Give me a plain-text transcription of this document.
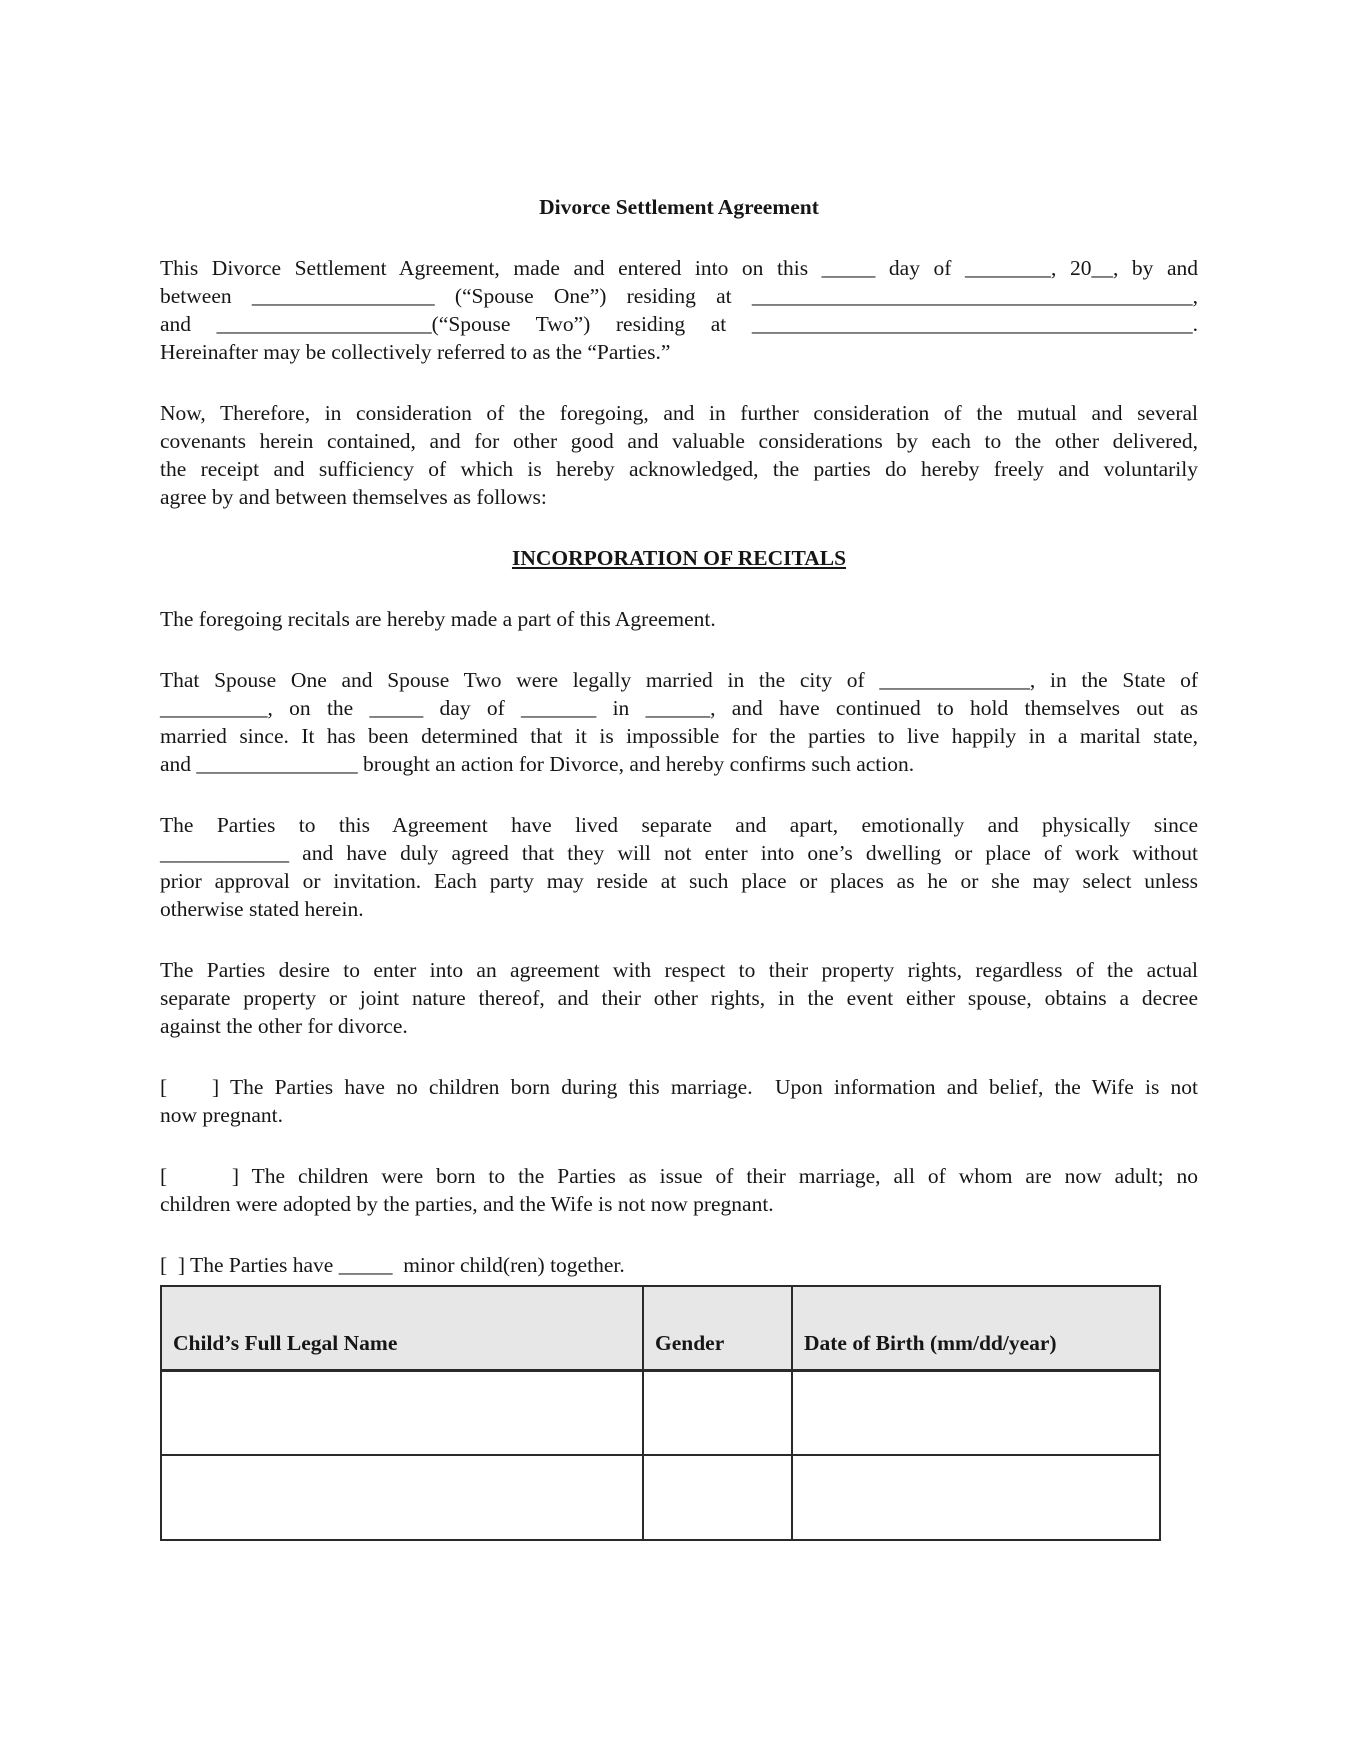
Divorce Settlement Agreement
This Divorce Settlement Agreement, made and entered into on this _____ day of ________, 20__, by and
between _________________ (“Spouse One”) residing at _________________________________________,
and ____________________(“Spouse Two”) residing at _________________________________________.
Hereinafter may be collectively referred to as the “Parties.”
Now, Therefore, in consideration of the foregoing, and in further consideration of the mutual and several
covenants herein contained, and for other good and valuable considerations by each to the other delivered,
the receipt and sufficiency of which is hereby acknowledged, the parties do hereby freely and voluntarily
agree by and between themselves as follows:
INCORPORATION OF RECITALS
The foregoing recitals are hereby made a part of this Agreement.
That Spouse One and Spouse Two were legally married in the city of ______________, in the State of
__________, on the _____ day of _______ in ______, and have continued to hold themselves out as
married since. It has been determined that it is impossible for the parties to live happily in a marital state,
and _______________ brought an action for Divorce, and hereby confirms such action.
The Parties to this Agreement have lived separate and apart, emotionally and physically since
____________ and have duly agreed that they will not enter into one’s dwelling or place of work without
prior approval or invitation. Each party may reside at such place or places as he or she may select unless
otherwise stated herein.
The Parties desire to enter into an agreement with respect to their property rights, regardless of the actual
separate property or joint nature thereof, and their other rights, in the event either spouse, obtains a decree
against the other for divorce.
[    ] The Parties have no children born during this marriage.  Upon information and belief, the Wife is not
now pregnant.
[     ] The children were born to the Parties as issue of their marriage, all of whom are now adult; no
children were adopted by the parties, and the Wife is not now pregnant.
[  ] The Parties have _____  minor child(ren) together.
Child’s Full Legal Name	Gender	Date of Birth (mm/dd/year)
